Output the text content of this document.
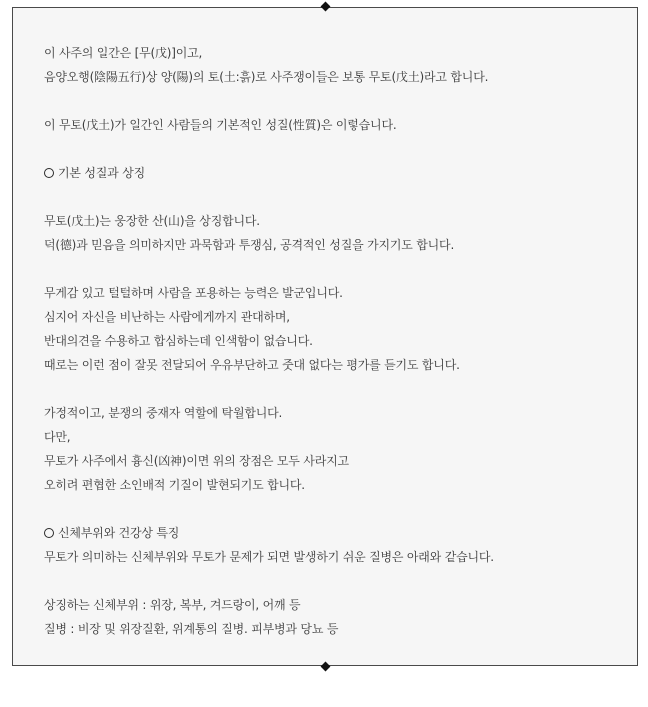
이 사주의 일간은 [무(戊)]이고,
음양오행(陰陽五行)상 양(陽)의 토(土:흙)로 사주쟁이들은 보통 무토(戊土)라고 합니다.
이 무토(戊土)가 일간인 사람들의 기본적인 성질(性質)은 이렇습니다.
기본 성질과 상징
무토(戊土)는 웅장한 산(山)을 상징합니다.
덕(德)과 믿음을 의미하지만 과묵함과 투쟁심, 공격적인 성질을 가지기도 합니다.
무게감 있고 털털하며 사람을 포용하는 능력은 발군입니다.
심지어 자신을 비난하는 사람에게까지 관대하며,
반대의견을 수용하고 합심하는데 인색함이 없습니다.
때로는 이런 점이 잘못 전달되어 우유부단하고 줏대 없다는 평가를 듣기도 합니다.
가정적이고, 분쟁의 중재자 역할에 탁월합니다.
다만,
무토가 사주에서 흉신(凶神)이면 위의 장점은 모두 사라지고
오히려 편협한 소인배적 기질이 발현되기도 합니다.
신체부위와 건강상 특징
무토가 의미하는 신체부위와 무토가 문제가 되면 발생하기 쉬운 질병은 아래와 같습니다.
상징하는 신체부위 : 위장, 복부, 겨드랑이, 어깨 등
질병 : 비장 및 위장질환, 위계통의 질병. 피부병과 당뇨 등
